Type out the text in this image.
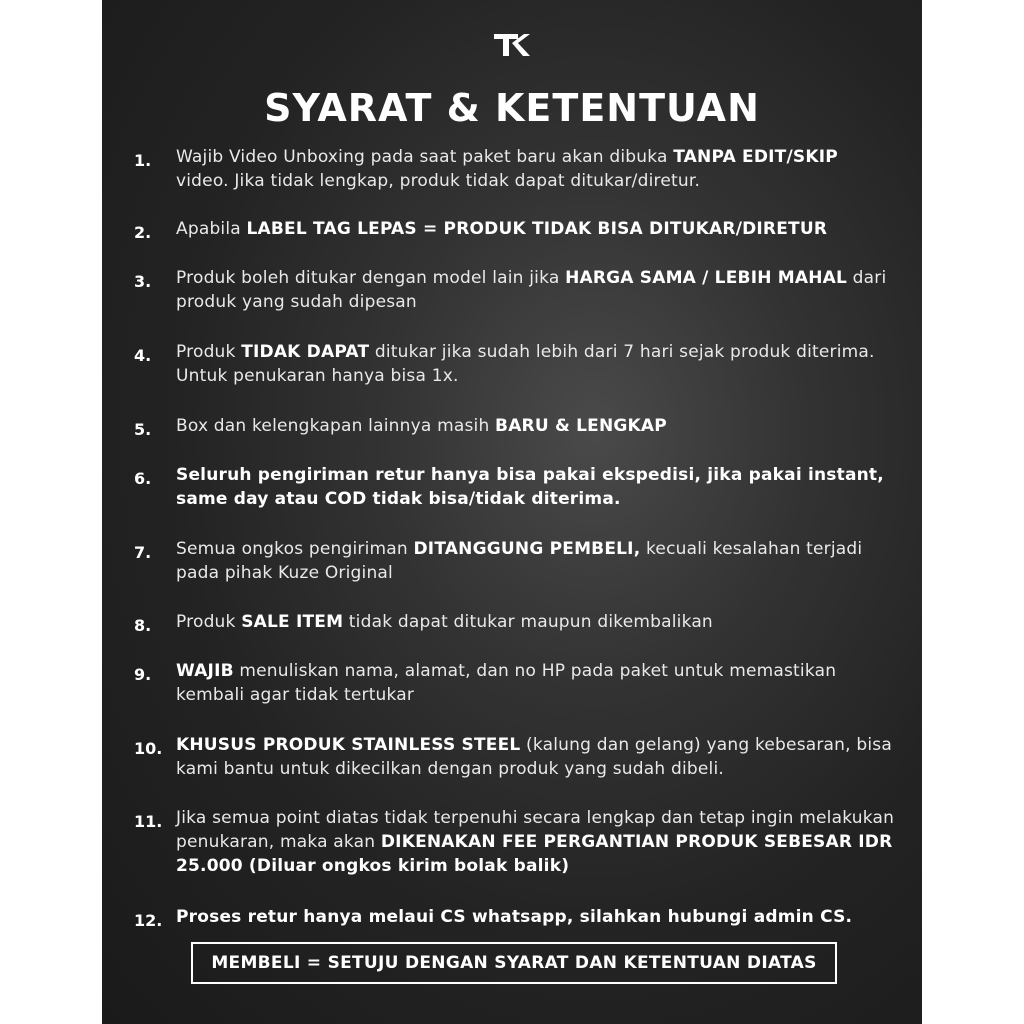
SYARAT & KETENTUAN
1.	Wajib Video Unboxing pada saat paket baru akan dibuka TANPA EDIT/SKIP video. Jika tidak lengkap, produk tidak dapat ditukar/diretur.
2.	Apabila LABEL TAG LEPAS = PRODUK TIDAK BISA DITUKAR/DIRETUR
3.	Produk boleh ditukar dengan model lain jika HARGA SAMA / LEBIH MAHAL dari produk yang sudah dipesan
4.	Produk TIDAK DAPAT ditukar jika sudah lebih dari 7 hari sejak produk diterima. Untuk penukaran hanya bisa 1x.
5.	Box dan kelengkapan lainnya masih BARU & LENGKAP
6.	Seluruh pengiriman retur hanya bisa pakai ekspedisi, jika pakai instant, same day atau COD tidak bisa/tidak diterima.
7.	Semua ongkos pengiriman DITANGGUNG PEMBELI, kecuali kesalahan terjadi pada pihak Kuze Original
8.	Produk SALE ITEM tidak dapat ditukar maupun dikembalikan
9.	WAJIB menuliskan nama, alamat, dan no HP pada paket untuk memastikan kembali agar tidak tertukar
10. KHUSUS PRODUK STAINLESS STEEL (kalung dan gelang) yang kebesaran, bisa kami bantu untuk dikecilkan dengan produk yang sudah dibeli.
11. Jika semua point diatas tidak terpenuhi secara lengkap dan tetap ingin melakukan penukaran, maka akan DIKENAKAN FEE PERGANTIAN PRODUK SEBESAR IDR 25.000 (Diluar ongkos kirim bolak balik)
12. Proses retur hanya melaui CS whatsapp, silahkan hubungi admin CS.
MEMBELI = SETUJU DENGAN SYARAT DAN KETENTUAN DIATAS
